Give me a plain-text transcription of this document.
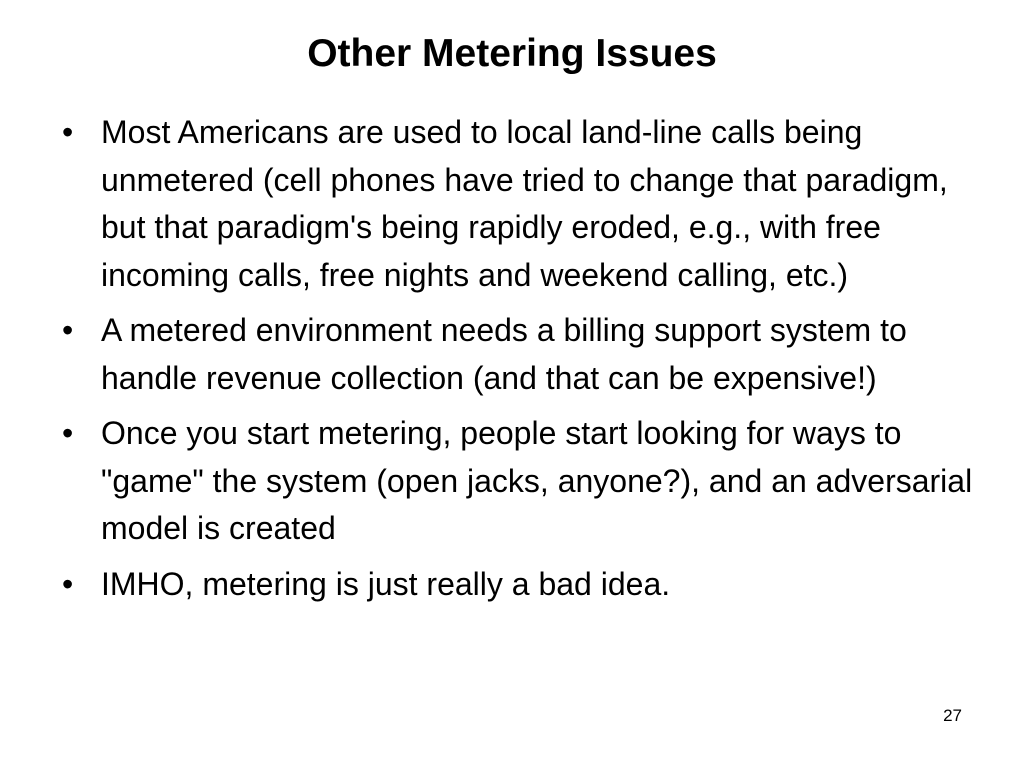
Other Metering Issues
• Most Americans are used to local land-line calls being unmetered (cell phones have tried to change that paradigm, but that paradigm's being rapidly eroded, e.g., with free incoming calls, free nights and weekend calling, etc.)
• A metered environment needs a billing support system to handle revenue collection (and that can be expensive!)
• Once you start metering, people start looking for ways to "game" the system (open jacks, anyone?), and an adversarial model is created
• IMHO, metering is just really a bad idea.
27
